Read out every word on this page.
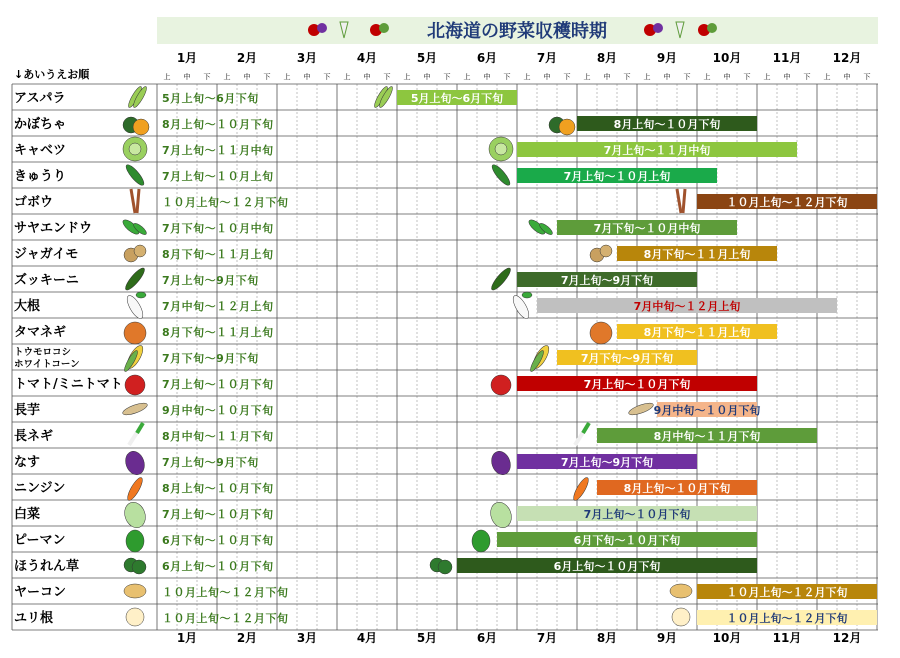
北海道の野菜収穫時期
↓あいうえお順
1月
上 中 下
2月
上 中 下
3月
上 中 下
4月
上 中 下
5月
上 中 下
6月
上 中 下
7月
上 中 下
8月
上 中 下
9月
上 中 下
10月
上 中 下
11月
上 中 下
12月
上 中 下
1月	2月	3月	4月	5月	6月	7月	8月	9月	10月	11月	12月
アスパラ	5月上旬～6月下旬	5月上旬～6月下旬
かぼちゃ	8月上旬～１０月下旬	8月上旬～１０月下旬
キャベツ	7月上旬～１１月中旬	7月上旬～１１月中旬
きゅうり	7月上旬～１０月上旬	7月上旬～１０月上旬
ゴボウ	１０月上旬～１２月下旬	１０月上旬～１２月下旬
サヤエンドウ	7月下旬～１０月中旬	7月下旬～１０月中旬
ジャガイモ	8月下旬～１１月上旬	8月下旬～１１月上旬
ズッキーニ	7月上旬～9月下旬	7月上旬～9月下旬
大根	7月中旬～１２月上旬	7月中旬～１２月上旬
タマネギ	8月下旬～１１月上旬	8月下旬～１１月上旬
トウモロコシ
ホワイトコーン	7月下旬～9月下旬	7月下旬～9月下旬
トマト/ミニトマト	7月上旬～１０月下旬	7月上旬～１０月下旬
長芋	9月中旬～１０月下旬	9月中旬～１０月下旬
長ネギ	8月中旬～１１月下旬	8月中旬～１１月下旬
なす	7月上旬～9月下旬	7月上旬～9月下旬
ニンジン	8月上旬～１０月下旬	8月上旬～１０月下旬
白菜	7月上旬～１０月下旬	7月上旬～１０月下旬
ピーマン	6月下旬～１０月下旬	6月下旬～１０月下旬
ほうれん草	6月上旬～１０月下旬	6月上旬～１０月下旬
ヤーコン	１０月上旬～１２月下旬	１０月上旬～１２月下旬
ユリ根	１０月上旬～１２月下旬	１０月上旬～１２月下旬
